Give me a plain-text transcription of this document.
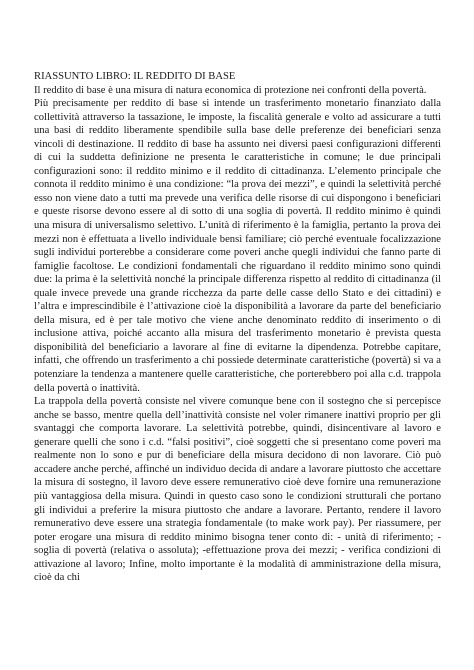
RIASSUNTO LIBRO: IL REDDITO DI BASE

Il reddito di base è una misura di natura economica di protezione nei confronti della povertà.

Più precisamente per reddito di base si intende un trasferimento monetario finanziato dalla collettività attraverso la tassazione, le imposte, la fiscalità generale e volto ad assicurare a tutti una basi di reddito liberamente spendibile sulla base delle preferenze dei beneficiari senza vincoli di destinazione. Il reddito di base ha assunto nei diversi paesi configurazioni differenti di cui la suddetta definizione ne presenta le caratteristiche in comune; le due principali configurazioni sono: il reddito minimo e il reddito di cittadinanza. L’elemento principale che connota il reddito minimo è una condizione: “la prova dei mezzi”, e quindi la selettività perché esso non viene dato a tutti ma prevede una verifica delle risorse di cui dispongono i beneficiari e queste risorse devono essere al di sotto di una soglia di povertà. Il reddito minimo è quindi una misura di universalismo selettivo. L’unità di riferimento è la famiglia, pertanto la prova dei mezzi non è effettuata a livello individuale bensì familiare; ciò perché eventuale focalizzazione sugli individui porterebbe a considerare come poveri anche quegli individui che fanno parte di famiglie facoltose. Le condizioni fondamentali che riguardano il reddito minimo sono quindi due: la prima è la selettività nonché la principale differenza rispetto al reddito di cittadinanza (il quale invece prevede una grande ricchezza da parte delle casse dello Stato e dei cittadini) e l’altra e imprescindibile è l’attivazione cioè la disponibilità a lavorare da parte del beneficiario della misura, ed è per tale motivo che viene anche denominato reddito di inserimento o di inclusione attiva, poiché accanto alla misura del trasferimento monetario è prevista questa disponibilità del beneficiario a lavorare al fine di evitarne la dipendenza. Potrebbe capitare, infatti, che offrendo un trasferimento a chi possiede determinate caratteristiche (povertà) si va a potenziare la tendenza a mantenere quelle caratteristiche, che porterebbero poi alla c.d. trappola della povertà o inattività.

La trappola della povertà consiste nel vivere comunque bene con il sostegno che si percepisce anche se basso, mentre quella dell’inattività consiste nel voler rimanere inattivi proprio per gli svantaggi che comporta lavorare. La selettività potrebbe, quindi, disincentivare al lavoro e generare quelli che sono i c.d. “falsi positivi”, cioè soggetti che si presentano come poveri ma realmente non lo sono e pur di beneficiare della misura decidono di non lavorare. Ciò può accadere anche perché, affinché un individuo decida di andare a lavorare piuttosto che accettare la misura di sostegno, il lavoro deve essere remunerativo cioè deve fornire una remunerazione più vantaggiosa della misura. Quindi in questo caso sono le condizioni strutturali che portano gli individui a preferire la misura piuttosto che andare a lavorare. Pertanto, rendere il lavoro remunerativo deve essere una strategia fondamentale (to make work pay). Per riassumere, per poter erogare una misura di reddito minimo bisogna tener conto di: - unità di riferimento; - soglia di povertà (relativa o assoluta); -effettuazione prova dei mezzi; - verifica condizioni di attivazione al lavoro; Infine, molto importante è la modalità di amministrazione della misura, cioè da chi
